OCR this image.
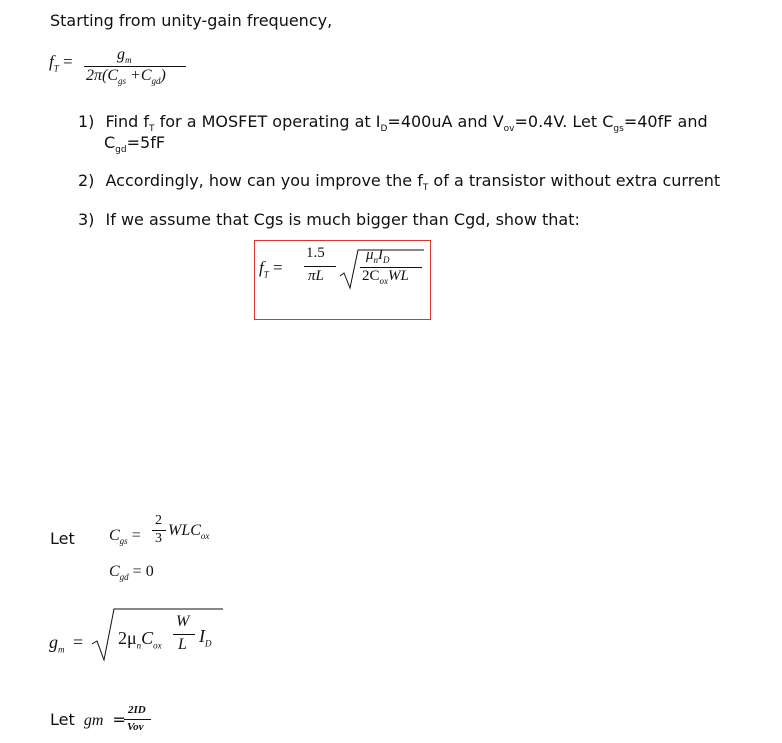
Starting from unity-gain frequency,
$f_T$ =	$g_m$
$2\pi(C_{gs} +C_{gd})$
1) Find $f_T$ for a MOSFET operating at $I_D=400uA$ and $V_{ov}=0.4V$. Let $C_{gs}=40fF$ and
$C_{gd}=5fF$
2) Accordingly, how can you improve the $f_T$ of a transistor without extra current
3) If we assume that Cgs is much bigger than Cgd, show that:
$f_T$ =
1.5
πL
$\mu_nI_D$
$2C_{ox}WL$
Let $C_{gs}$ =
2
3 $WLC_{ox}$
$C_{gd} = 0$
$g_m = 2\mu_nC_{ox}$
W
L $I_D$
Let gm = 2ID
Vov
